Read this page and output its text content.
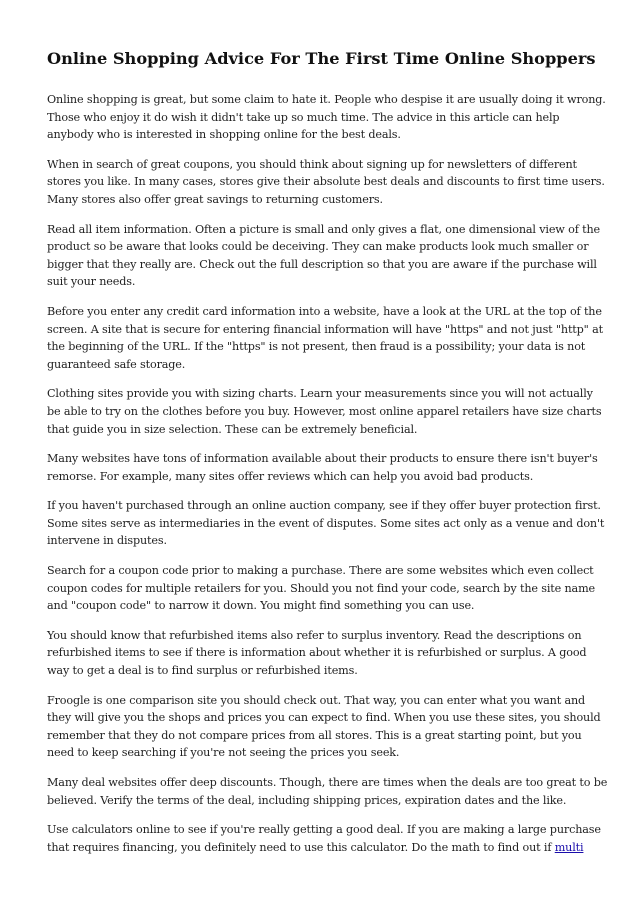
Online Shopping Advice For The First Time Online Shoppers

Online shopping is great, but some claim to hate it. People who despise it are usually doing it wrong.
Those who enjoy it do wish it didn't take up so much time. The advice in this article can help
anybody who is interested in shopping online for the best deals.

When in search of great coupons, you should think about signing up for newsletters of different
stores you like. In many cases, stores give their absolute best deals and discounts to first time users.
Many stores also offer great savings to returning customers.

Read all item information. Often a picture is small and only gives a flat, one dimensional view of the
product so be aware that looks could be deceiving. They can make products look much smaller or
bigger that they really are. Check out the full description so that you are aware if the purchase will
suit your needs.

Before you enter any credit card information into a website, have a look at the URL at the top of the
screen. A site that is secure for entering financial information will have "https" and not just "http" at
the beginning of the URL. If the "https" is not present, then fraud is a possibility; your data is not
guaranteed safe storage.

Clothing sites provide you with sizing charts. Learn your measurements since you will not actually
be able to try on the clothes before you buy. However, most online apparel retailers have size charts
that guide you in size selection. These can be extremely beneficial.

Many websites have tons of information available about their products to ensure there isn't buyer's
remorse. For example, many sites offer reviews which can help you avoid bad products.

If you haven't purchased through an online auction company, see if they offer buyer protection first.
Some sites serve as intermediaries in the event of disputes. Some sites act only as a venue and don't
intervene in disputes.

Search for a coupon code prior to making a purchase. There are some websites which even collect
coupon codes for multiple retailers for you. Should you not find your code, search by the site name
and "coupon code" to narrow it down. You might find something you can use.

You should know that refurbished items also refer to surplus inventory. Read the descriptions on
refurbished items to see if there is information about whether it is refurbished or surplus. A good
way to get a deal is to find surplus or refurbished items.

Froogle is one comparison site you should check out. That way, you can enter what you want and
they will give you the shops and prices you can expect to find. When you use these sites, you should
remember that they do not compare prices from all stores. This is a great starting point, but you
need to keep searching if you're not seeing the prices you seek.

Many deal websites offer deep discounts. Though, there are times when the deals are too great to be
believed. Verify the terms of the deal, including shipping prices, expiration dates and the like.

Use calculators online to see if you're really getting a good deal. If you are making a large purchase
that requires financing, you definitely need to use this calculator. Do the math to find out if multi
